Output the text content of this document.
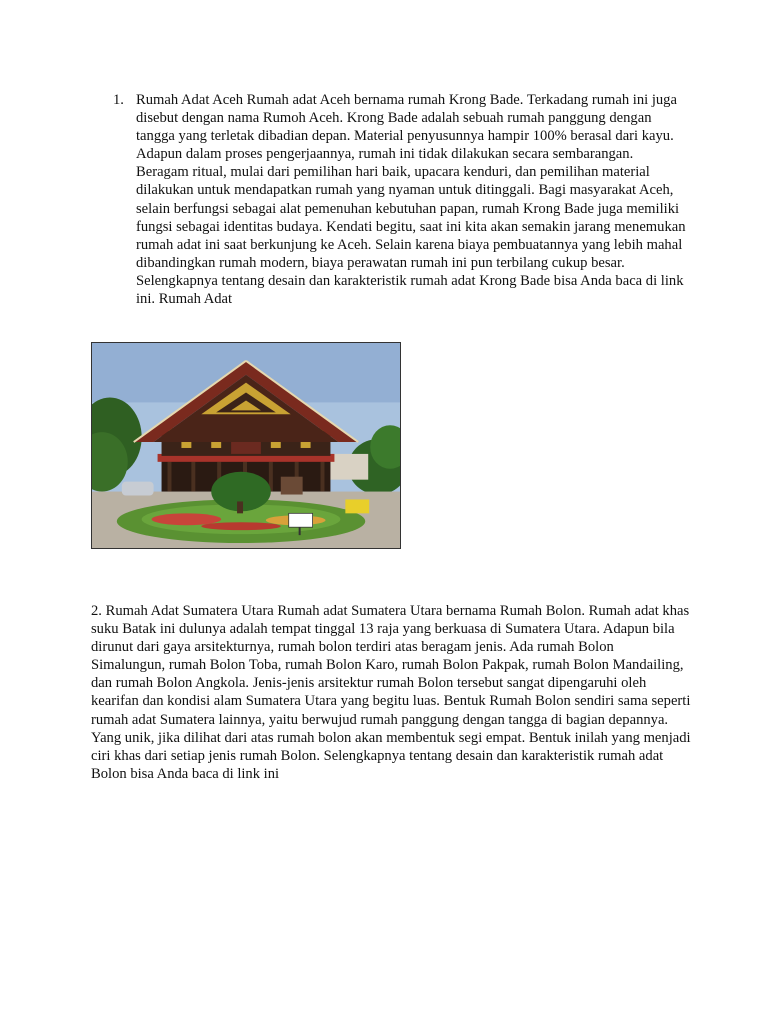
1. Rumah Adat Aceh Rumah adat Aceh bernama rumah Krong Bade. Terkadang rumah ini juga disebut dengan nama Rumoh Aceh. Krong Bade adalah sebuah rumah panggung dengan tangga yang terletak dibadian depan. Material penyusunnya hampir 100% berasal dari kayu. Adapun dalam proses pengerjaannya, rumah ini tidak dilakukan secara sembarangan. Beragam ritual, mulai dari pemilihan hari baik, upacara kenduri, dan pemilihan material dilakukan untuk mendapatkan rumah yang nyaman untuk ditinggali. Bagi masyarakat Aceh, selain berfungsi sebagai alat pemenuhan kebutuhan papan, rumah Krong Bade juga memiliki fungsi sebagai identitas budaya. Kendati begitu, saat ini kita akan semakin jarang menemukan rumah adat ini saat berkunjung ke Aceh. Selain karena biaya pembuatannya yang lebih mahal dibandingkan rumah modern, biaya perawatan rumah ini pun terbilang cukup besar. Selengkapnya tentang desain dan karakteristik rumah adat Krong Bade bisa Anda baca di link ini. Rumah Adat
2. Rumah Adat Sumatera Utara Rumah adat Sumatera Utara bernama Rumah Bolon. Rumah adat khas suku Batak ini dulunya adalah tempat tinggal 13 raja yang berkuasa di Sumatera Utara. Adapun bila dirunut dari gaya arsitekturnya, rumah bolon terdiri atas beragam jenis. Ada rumah Bolon Simalungun, rumah Bolon Toba, rumah Bolon Karo, rumah Bolon Pakpak, rumah Bolon Mandailing, dan rumah Bolon Angkola. Jenis-jenis arsitektur rumah Bolon tersebut sangat dipengaruhi oleh kearifan dan kondisi alam Sumatera Utara yang begitu luas. Bentuk Rumah Bolon sendiri sama seperti rumah adat Sumatera lainnya, yaitu berwujud rumah panggung dengan tangga di bagian depannya. Yang unik, jika dilihat dari atas rumah bolon akan membentuk segi empat. Bentuk inilah yang menjadi ciri khas dari setiap jenis rumah Bolon. Selengkapnya tentang desain dan karakteristik rumah adat Bolon bisa Anda baca di link ini
